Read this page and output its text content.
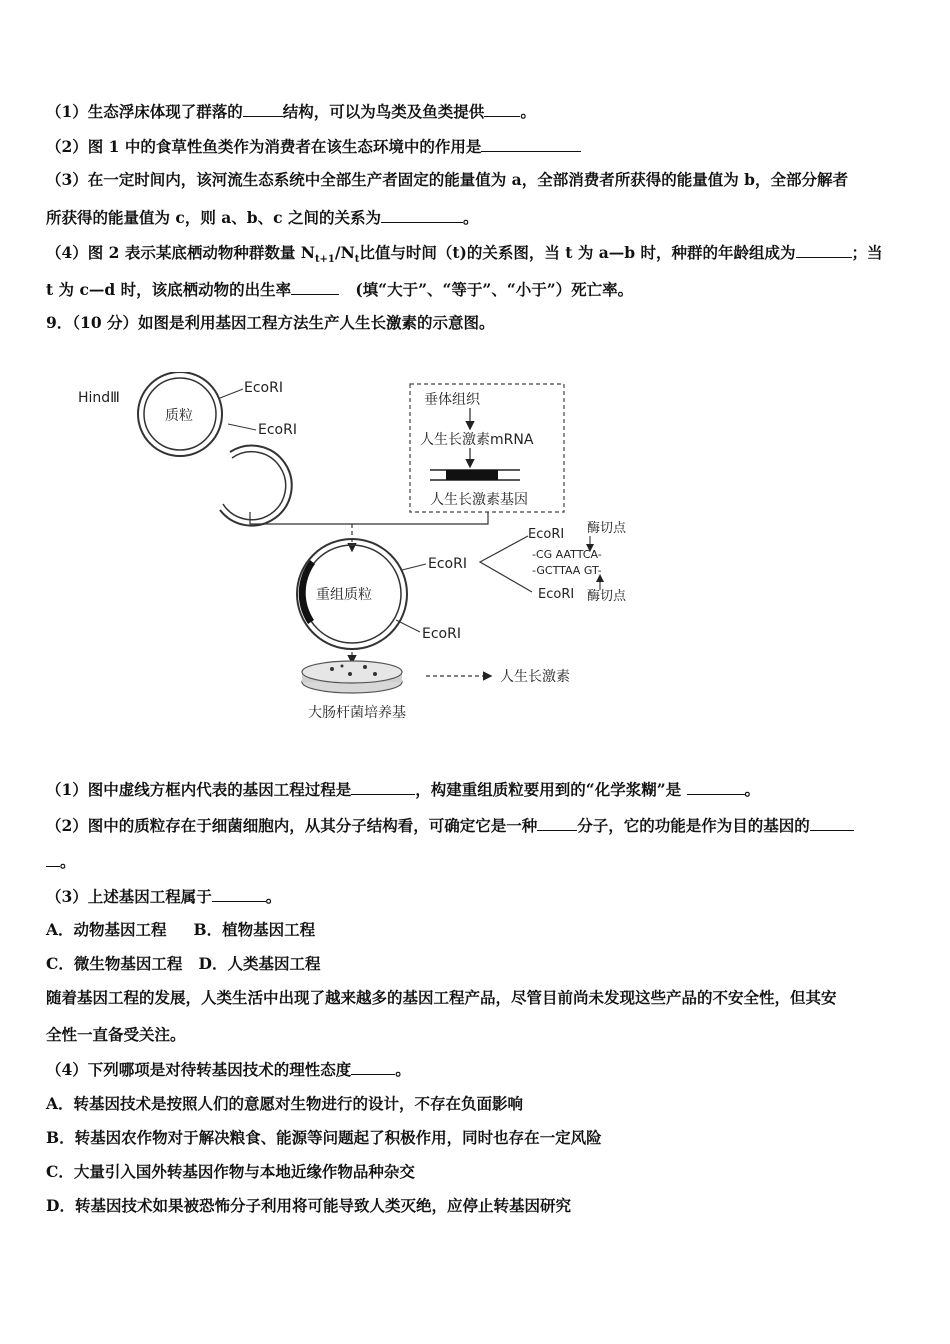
（1）生态浮床体现了群落的	结构，可以为鸟类及鱼类提供 。
（2）图 1 中的食草性鱼类作为消费者在该生态环境中的作用是
（3）在一定时间内，该河流生态系统中全部生产者固定的能量值为 a，全部消费者所获得的能量值为 b，全部分解者
所获得的能量值为 c，则 a、b、c 之间的关系为	。
（4）图 2 表示某底栖动物种群数量 $N_{t+1}/N_t$比值与时间（t)的关系图，当 t 为 a—b 时，种群的年龄组成为	；当
t 为 c—d 时，该底栖动物的出生率	(填“大于”、“等于”、“小于”）死亡率。
9．（10 分）如图是利用基因工程方法生产人生长激素的示意图。
质粒
HindⅢ
EcoRI
EcoRI
垂体组织
人生长激素mRNA
人生长激素基因
重组质粒
EcoRI
EcoRI
EcoRI 酶切点
-CG AATTCA-
-GCTTAA GT-
EcoRI 酶切点
大肠杆菌培养基
人生长激素
（1）图中虚线方框内代表的基因工程过程是	，构建重组质粒要用到的“化学浆糊”是	。
（2）图中的质粒存在于细菌细胞内，从其分子结构看，可确定它是一种	分子，它的功能是作为目的基因的
。
（3）上述基因工程属于	。
A．动物基因工程 B．植物基因工程
C．微生物基因工程 D．人类基因工程
随着基因工程的发展，人类生活中出现了越来越多的基因工程产品，尽管目前尚未发现这些产品的不安全性，但其安
全性一直备受关注。
（4）下列哪项是对待转基因技术的理性态度	。
A．转基因技术是按照人们的意愿对生物进行的设计，不存在负面影响
B．转基因农作物对于解决粮食、能源等问题起了积极作用，同时也存在一定风险
C．大量引入国外转基因作物与本地近缘作物品种杂交
D．转基因技术如果被恐怖分子利用将可能导致人类灭绝，应停止转基因研究
